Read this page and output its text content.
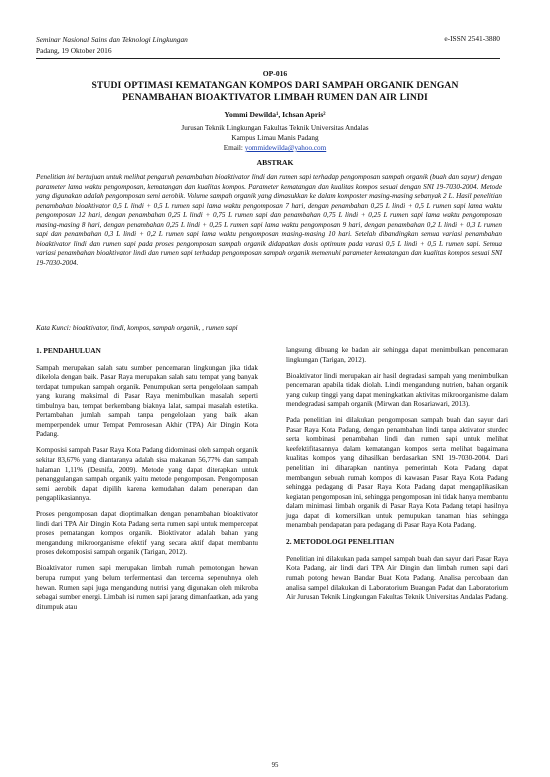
Seminar Nasional Sains dan Teknologi Lingkungan
Padang, 19 Oktober 2016
e-ISSN 2541-3880
OP-016
STUDI OPTIMASI KEMATANGAN KOMPOS DARI SAMPAH ORGANIK DENGAN
PENAMBAHAN BIOAKTIVATOR LIMBAH RUMEN DAN AIR LINDI
Yommi Dewilda¹, Ichsan Apris²
Jurusan Teknik Lingkungan Fakultas Teknik Universitas Andalas
Kampus Limau Manis Padang
Email: yommidewilda@yahoo.com
ABSTRAK
Penelitian ini bertujuan untuk melihat pengaruh penambahan bioaktivator lindi dan rumen sapi terhadap pengomposan sampah organik (buah dan sayur) dengan parameter lama waktu pengomposan, kematangan dan kualitas kompos. Parameter kematangan dan kualitas kompos sesuai dengan SNI 19-7030-2004. Metode yang digunakan adalah pengomposan semi aerobik. Volume sampah organik yang dimasukkan ke dalam komposter masing-masing sebanyak 2 L. Hasil penelitian penambahan bioaktivator 0,5 L lindi + 0,5 L rumen sapi lama waktu pengomposan 7 hari, dengan penambahan 0,25 L lindi + 0,5 L rumen sapi lama waktu pengomposan 12 hari, dengan penambahan 0,25 L lindi + 0,75 L rumen sapi dan penambahan 0,75 L lindi + 0,25 L rumen sapi lama waktu pengomposan masing-masing 8 hari, dengan penambahan 0,25 L lindi + 0,25 L rumen sapi lama waktu pengomposan 9 hari, dengan penambahan 0,2 L lindi + 0,3 L rumen sapi dan penambahan 0,3 L lindi + 0,2 L rumen sapi lama waktu pengomposan masing-masing 10 hari. Setelah dibandingkan semua variasi penambahan bioaktivator lindi dan rumen sapi pada proses pengomposan sampah organik didapatkan dosis optimum pada varasi 0,5 L lindi + 0,5 L rumen sapi. Semua variasi penambahan bioaktivator lindi dan rumen sapi terhadap pengomposan sampah organik memenuhi parameter kematangan dan kualitas kompos sesuai SNI 19-7030-2004.
Kata Kunci: bioaktivator, lindi, kompos, sampah organik, , rumen sapi
1. PENDAHULUAN

Sampah merupakan salah satu sumber pencemaran lingkungan jika tidak dikelola dengan baik. Pasar Raya merupakan salah satu tempat yang banyak terdapat tumpukan sampah organik. Penumpukan serta pengelolaan sampah yang kurang maksimal di Pasar Raya menimbulkan masalah seperti timbulnya bau, tempat berkembang biaknya lalat, sampai masalah estetika. Pertambahan jumlah sampah tanpa pengelolaan yang baik akan memperpendek umur Tempat Pemrosesan Akhir (TPA) Air Dingin Kota Padang.

Komposisi sampah Pasar Raya Kota Padang didominasi oleh sampah organik sekitar 83,67% yang diantaranya adalah sisa makanan 56,77% dan sampah halaman 1,11% (Desnifa, 2009). Metode yang dapat diterapkan untuk penanggulangan sampah organik yaitu metode pengomposan. Pengomposan semi aerobik dapat dipilih karena kemudahan dalam penerapan dan pengaplikasiannya.

Proses pengomposan dapat dioptimalkan dengan penambahan bioaktivator lindi dari TPA Air Dingin Kota Padang serta rumen sapi untuk mempercepat proses pematangan kompos organik. Bioktivator adalah bahan yang mengandung mikroorganisme efektif yang secara aktif dapat membantu proses dekomposisi sampah organik (Tarigan, 2012).

Bioaktivator rumen sapi merupakan limbah rumah pemotongan hewan berupa rumput yang belum terfermentasi dan tercerna sepenuhnya oleh hewan. Rumen sapi juga mengandung nutrisi yang digunakan oleh mikroba sebagai sumber energi. Limbah isi rumen sapi jarang dimanfaatkan, ada yang ditumpuk atau

langsung dibuang ke badan air sehingga dapat menimbulkan pencemaran lingkungan (Tarigan, 2012).

Bioaktivator lindi merupakan air hasil degradasi sampah yang menimbulkan pencemaran apabila tidak diolah. Lindi mengandung nutrien, bahan organik yang cukup tinggi yang dapat meningkatkan aktivitas mikroorganisme dalam mendegradasi sampah organik (Mirwan dan Rosariawari, 2013).

Pada penelitian ini dilakukan pengomposan sampah buah dan sayur dari Pasar Raya Kota Padang, dengan penambahan lindi tanpa aktivator sturdec serta kombinasi penambahan lindi dan rumen sapi untuk melihat keefektifitasannya dalam kematangan kompos serta melihat bagaimana kualitas kompos yang dihasilkan berdasarkan SNI 19-7030-2004. Dari penelitian ini diharapkan nantinya pemerintah Kota Padang dapat membangun sebuah rumah kompos di kawasan Pasar Raya Kota Padang sehingga pedagang di Pasar Raya Kota Padang dapat mengaplikasikan kegiatan pengomposan ini, sehingga pengomposan ini tidak hanya membantu dalam minimasi limbah organik di Pasar Raya Kota Padang tetapi hasilnya juga dapat di komersilkan untuk pemupukan tanaman hias sehingga menambah pendapatan para pedagang di Pasar Raya Kota Padang.

2. METODOLOGI PENELITIAN

Penelitian ini dilakukan pada sampel sampah buah dan sayur dari Pasar Raya Kota Padang, air lindi dari TPA Air Dingin dan limbah rumen sapi dari rumah potong hewan Bandar Buat Kota Padang. Analisa percobaan dan analisa sampel dilakukan di Laboratorium Buangan Padat dan Laboratorium Air Jurusan Teknik Lingkungan Fakultas Teknik Universitas Andalas Padang.

95
